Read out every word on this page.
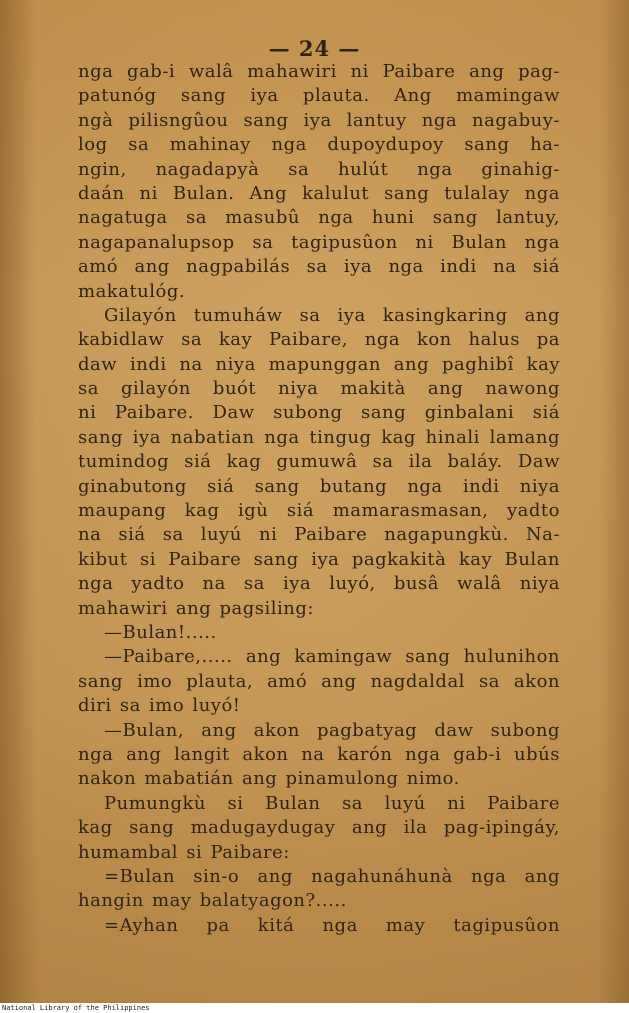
— 24 —
nga gab-i walâ mahawiri ni Paibare ang pag-
patunóg sang iya plauta. Ang mamingaw
ngà pilisngûou sang iya lantuy nga nagabuy-
log sa mahinay nga dupoydupoy sang ha-
ngin, nagadapyà sa hulút nga ginahig-
daán ni Bulan. Ang kalulut sang tulalay nga
nagatuga sa masubû nga huni sang lantuy,
nagapanalupsop sa tagipusûon ni Bulan nga
amó ang nagpabilás sa iya nga indi na siá
makatulóg.
Gilayón tumuháw sa iya kasingkaring ang
kabidlaw sa kay Paibare, nga kon halus pa
daw indi na niya mapunggan ang paghibî kay
sa gilayón buót niya makità ang nawong
ni Paibare. Daw subong sang ginbalani siá
sang iya nabatian nga tingug kag hinali lamang
tumindog siá kag gumuwâ sa ila baláy. Daw
ginabutong siá sang butang nga indi niya
maupang kag igù siá mamarasmasan, yadto
na siá sa luyú ni Paibare nagapungkù. Na-
kibut si Paibare sang iya pagkakità kay Bulan
nga yadto na sa iya luyó, busâ walâ niya
mahawiri ang pagsiling:
—Bulan!.....
—Paibare,..... ang kamingaw sang hulunihon
sang imo plauta, amó ang nagdaldal sa akon
diri sa imo luyó!
—Bulan, ang akon pagbatyag daw subong
nga ang langit akon na karón nga gab-i ubús
nakon mabatián ang pinamulong nimo.
Pumungkù si Bulan sa luyú ni Paibare
kag sang madugaydugay ang ila pag-ipingáy,
humambal si Paibare:
=Bulan sin-o ang nagahunáhunà nga ang
hangin may balatyagon?.....
=Ayhan pa kitá nga may tagipusûon
National Library of the Philippines
